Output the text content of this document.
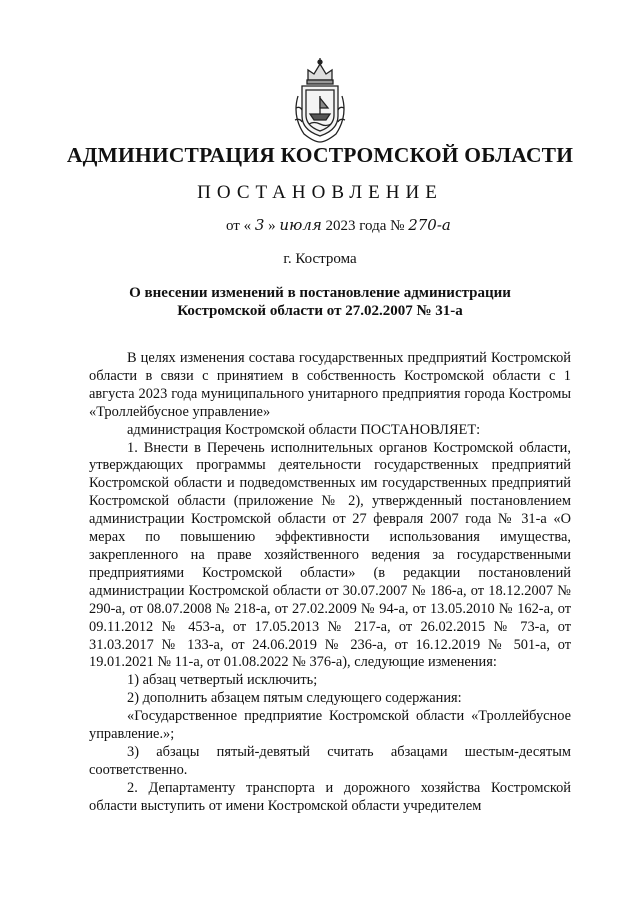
АДМИНИСТРАЦИЯ КОСТРОМСКОЙ ОБЛАСТИ
ПОСТАНОВЛЕНИЕ
от « 3 » июля 2023 года № 270-а
г. Кострома
О внесении изменений в постановление администрации
Костромской области от 27.02.2007 № 31-а

В целях изменения состава государственных предприятий Костромской области в связи с принятием в собственность Костромской области с 1 августа 2023 года муниципального унитарного предприятия города Костромы «Троллейбусное управление»

администрация Костромской области ПОСТАНОВЛЯЕТ:

1. Внести в Перечень исполнительных органов Костромской области, утверждающих программы деятельности государственных предприятий Костромской области и подведомственных им государственных предприятий Костромской области (приложение № 2), утвержденный постановлением администрации Костромской области от 27 февраля 2007 года № 31-а «О мерах по повышению эффективности использования имущества, закрепленного на праве хозяйственного ведения за государственными предприятиями Костромской области» (в редакции постановлений администрации Костромской области от 30.07.2007 № 186-а, от 18.12.2007 № 290-а, от 08.07.2008 № 218-а, от 27.02.2009 № 94-а, от 13.05.2010 № 162-а, от 09.11.2012 № 453-а, от 17.05.2013 № 217-а, от 26.02.2015 № 73-а, от 31.03.2017 № 133-а, от 24.06.2019 № 236-а, от 16.12.2019 № 501-а, от 19.01.2021 № 11-а, от 01.08.2022 № 376-а), следующие изменения:

1) абзац четвертый исключить;

2) дополнить абзацем пятым следующего содержания:

«Государственное предприятие Костромской области «Троллейбусное управление.»;

3) абзацы пятый-девятый считать абзацами шестым-десятым соответственно.

2. Департаменту транспорта и дорожного хозяйства Костромской области выступить от имени Костромской области учредителем
